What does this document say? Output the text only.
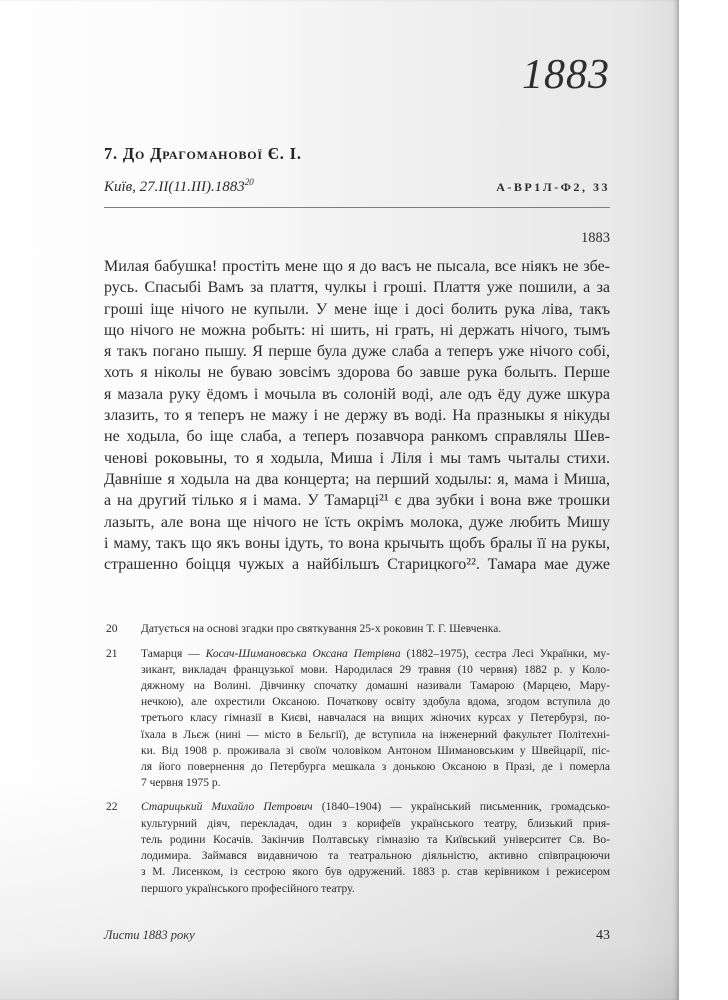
1883
7. До Драгоманової Є. І.
Київ, 27.II(11.III).1883$^{20}$	А-ВР1Л-Ф2, 33
1883
Милая бабушка! простіть мене що я до васъ не пысала, все ніякъ не збе-
русь. Спасыбі Вамъ за плаття, чулкы і гроші. Плаття уже пошили, а за
гроші іще нічого не купыли. У мене іще і досі болить рука ліва, такъ
що нічого не можна робыть: ні шить, ні грать, ні держать нічого, тымъ
я такъ погано пышу. Я перше була дуже слаба а теперъ уже нічого собі,
хоть я ніколы не буваю зовсімъ здорова бо завше рука болыть. Перше
я мазала руку ёдомъ і мочыла въ солоній воді, але одъ ёду дуже шкура
злазить, то я теперъ не мажу і не держу въ воді. На празныкы я нікуды
не ходыла, бо іще слаба, а теперъ позавчора ранкомъ справлялы Шев-
ченові роковыны, то я ходыла, Миша і Ліля і мы тамъ чыталы стихи.
Давніше я ходыла на два концерта; на перший ходылы: я, мама і Миша,
а на другий тілько я і мама. У Тамарці²¹ є два зубки і вона вже трошки
лазыть, але вона ще нічого не їсть окрімъ молока, дуже любить Мишу
і маму, такъ що якъ воны ідуть, то вона крычыть щобъ бралы її на рукы,
страшенно боіцця чужых а найбільшъ Старицкого²². Тамара мае дуже
20	Датується на основі згадки про святкування 25-х роковин Т. Г. Шевченка.
21	Тамарця — Косач-Шимановська Оксана Петрівна (1882–1975), сестра Лесі Українки, му-
зикант, викладач французької мови. Народилася 29 травня (10 червня) 1882 р. у Коло-
дяжному на Волині. Дівчинку спочатку домашні називали Тамарою (Марцею, Мару-
нечкою), але охрестили Оксаною. Початкову освіту здобула вдома, згодом вступила до
третього класу гімназії в Києві, навчалася на вищих жіночих курсах у Петербурзі, по-
їхала в Льєж (нині — місто в Бельгії), де вступила на інженерний факультет Політехні-
ки. Від 1908 р. проживала зі своїм чоловіком Антоном Шимановським у Швейцарії, піс-
ля його повернення до Петербурга мешкала з донькою Оксаною в Празі, де і померла
7 червня 1975 р.
22	Старицький Михайло Петрович (1840–1904) — український письменник, громадсько-
культурний діяч, перекладач, один з корифеїв українського театру, близький прия-
тель родини Косачів. Закінчив Полтавську гімназію та Київський університет Св. Во-
лодимира. Займався видавничою та театральною діяльністю, активно співпрацюючи
з М. Лисенком, із сестрою якого був одружений. 1883 р. став керівником і режисером
першого українського професійного театру.
Листи 1883 року	43
